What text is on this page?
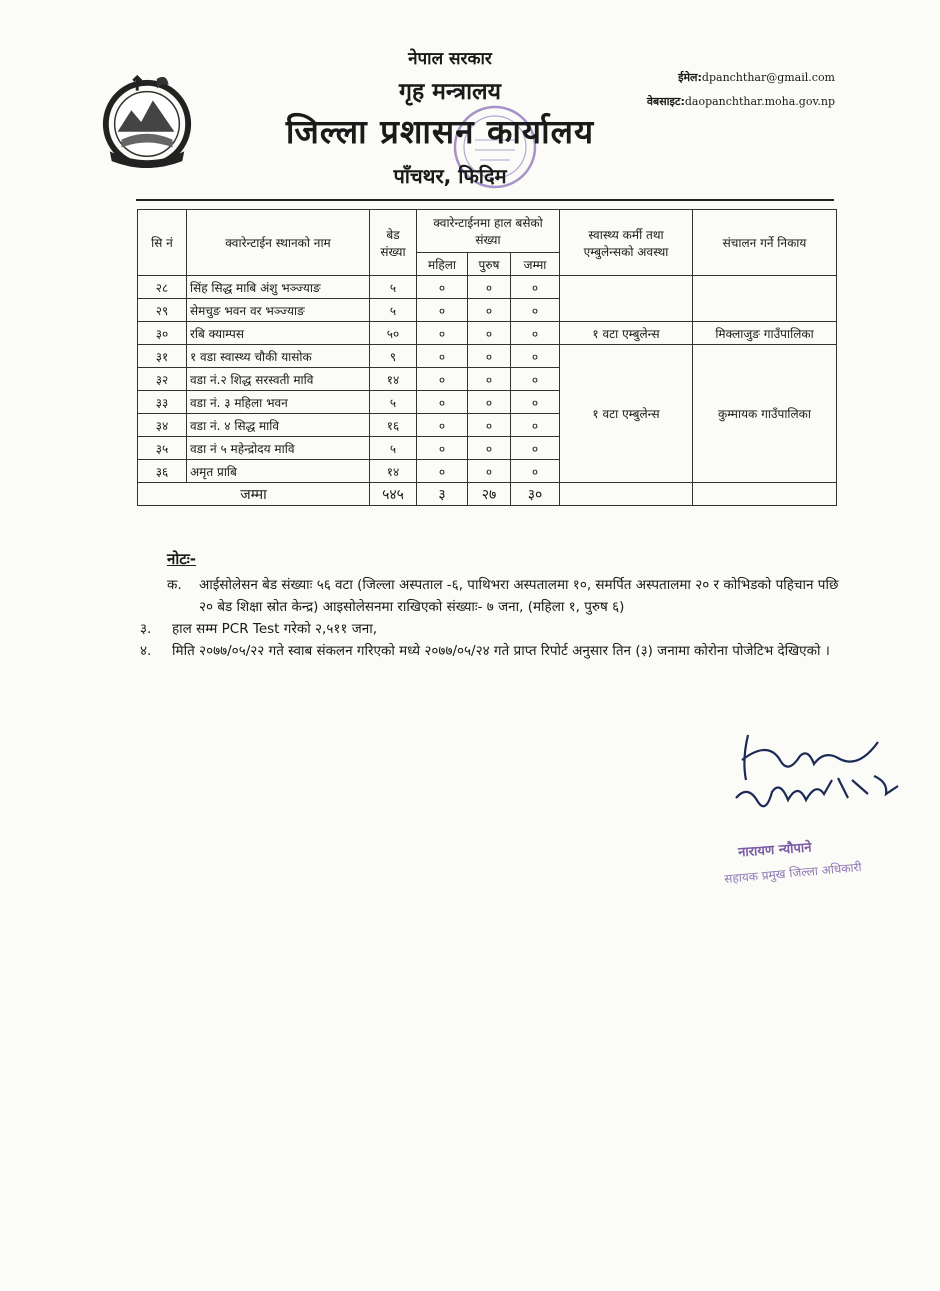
नेपाल सरकार
गृह मन्त्रालय
जिल्ला प्रशासन कार्यालय
पाँचथर, फिदिम
ईमेल:dpanchthar@gmail.com
वेबसाइट:daopanchthar.moha.gov.np
सि नं	क्वारेन्टाईन स्थानको नाम	बेड संख्या	क्वारेन्टाईनमा हाल बसेको संख्या			स्वास्थ्य कर्मी तथा एम्बुलेन्सको अवस्था	संचालन गर्ने निकाय
			महिला	पुरुष	जम्मा		
२८	सिंह सिद्ध माबि अंशु भञ्ज्याङ	५	०	०	०		
२९	सेमचुङ भवन वर भञ्ज्याङ	५	०	०	०		
३०	रबि क्याम्पस	५०	०	०	०	१ वटा एम्बुलेन्स	मिक्लाजुङ गाउँपालिका
३१	१ वडा स्वास्थ्य चौकी यासोक	९	०	०	०	१ वटा एम्बुलेन्स	कुम्मायक गाउँपालिका
३२	वडा नं.२ शिद्ध सरस्वती मावि	१४	०	०	०		
३३	वडा नं. ३ महिला भवन	५	०	०	०		
३४	वडा नं. ४ सिद्ध मावि	१६	०	०	०		
३५	वडा नं ५ महेन्द्रोदय मावि	५	०	०	०		
३६	अमृत प्राबि	१४	०	०	०		
जम्मा		५४५	३	२७	३०		
नोटः-
क.	आईसोलेसन बेड संख्याः ५६ वटा (जिल्ला अस्पताल -६, पाथिभरा अस्पतालमा १०, समर्पित अस्पतालमा २० र कोभिडको पहिचान पछि २० बेड शिक्षा स्रोत केन्द्र) आइसोलेसनमा राखिएको संख्याः- ७ जना, (महिला १, पुरुष ६)
३.	हाल सम्म PCR Test गरेको २,५११ जना,
४.	मिति २०७७/०५/२२ गते स्वाब संकलन गरिएको मध्ये २०७७/०५/२४ गते प्राप्त रिपोर्ट अनुसार तिन (३) जनामा कोरोना पोजेटिभ देखिएको ।
नारायण न्यौपाने
सहायक प्रमुख जिल्ला अधिकारी
